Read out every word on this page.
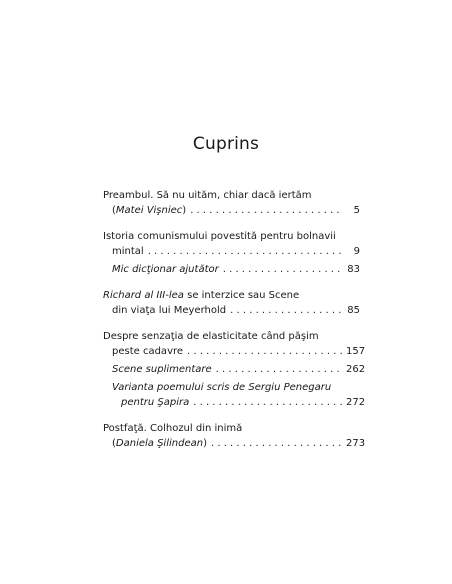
Cuprins
Preambul. Să nu uităm, chiar dacă iertăm
(Matei Vişniec) . . .	5
Istoria comunismului povestită pentru bolnavii
mintal . . .	9
Mic dicţionar ajutător . . .	83
Richard al III-lea se interzice sau Scene
din viaţa lui Meyerhold . . .	85
Despre senzaţia de elasticitate când păşim
peste cadavre . . .	157
Scene suplimentare . . .	262
Varianta poemului scris de Sergiu Penegaru
pentru Şapira . . .	272
Postfaţă. Colhozul din inimă
(Daniela Şilindean) . . .	273
